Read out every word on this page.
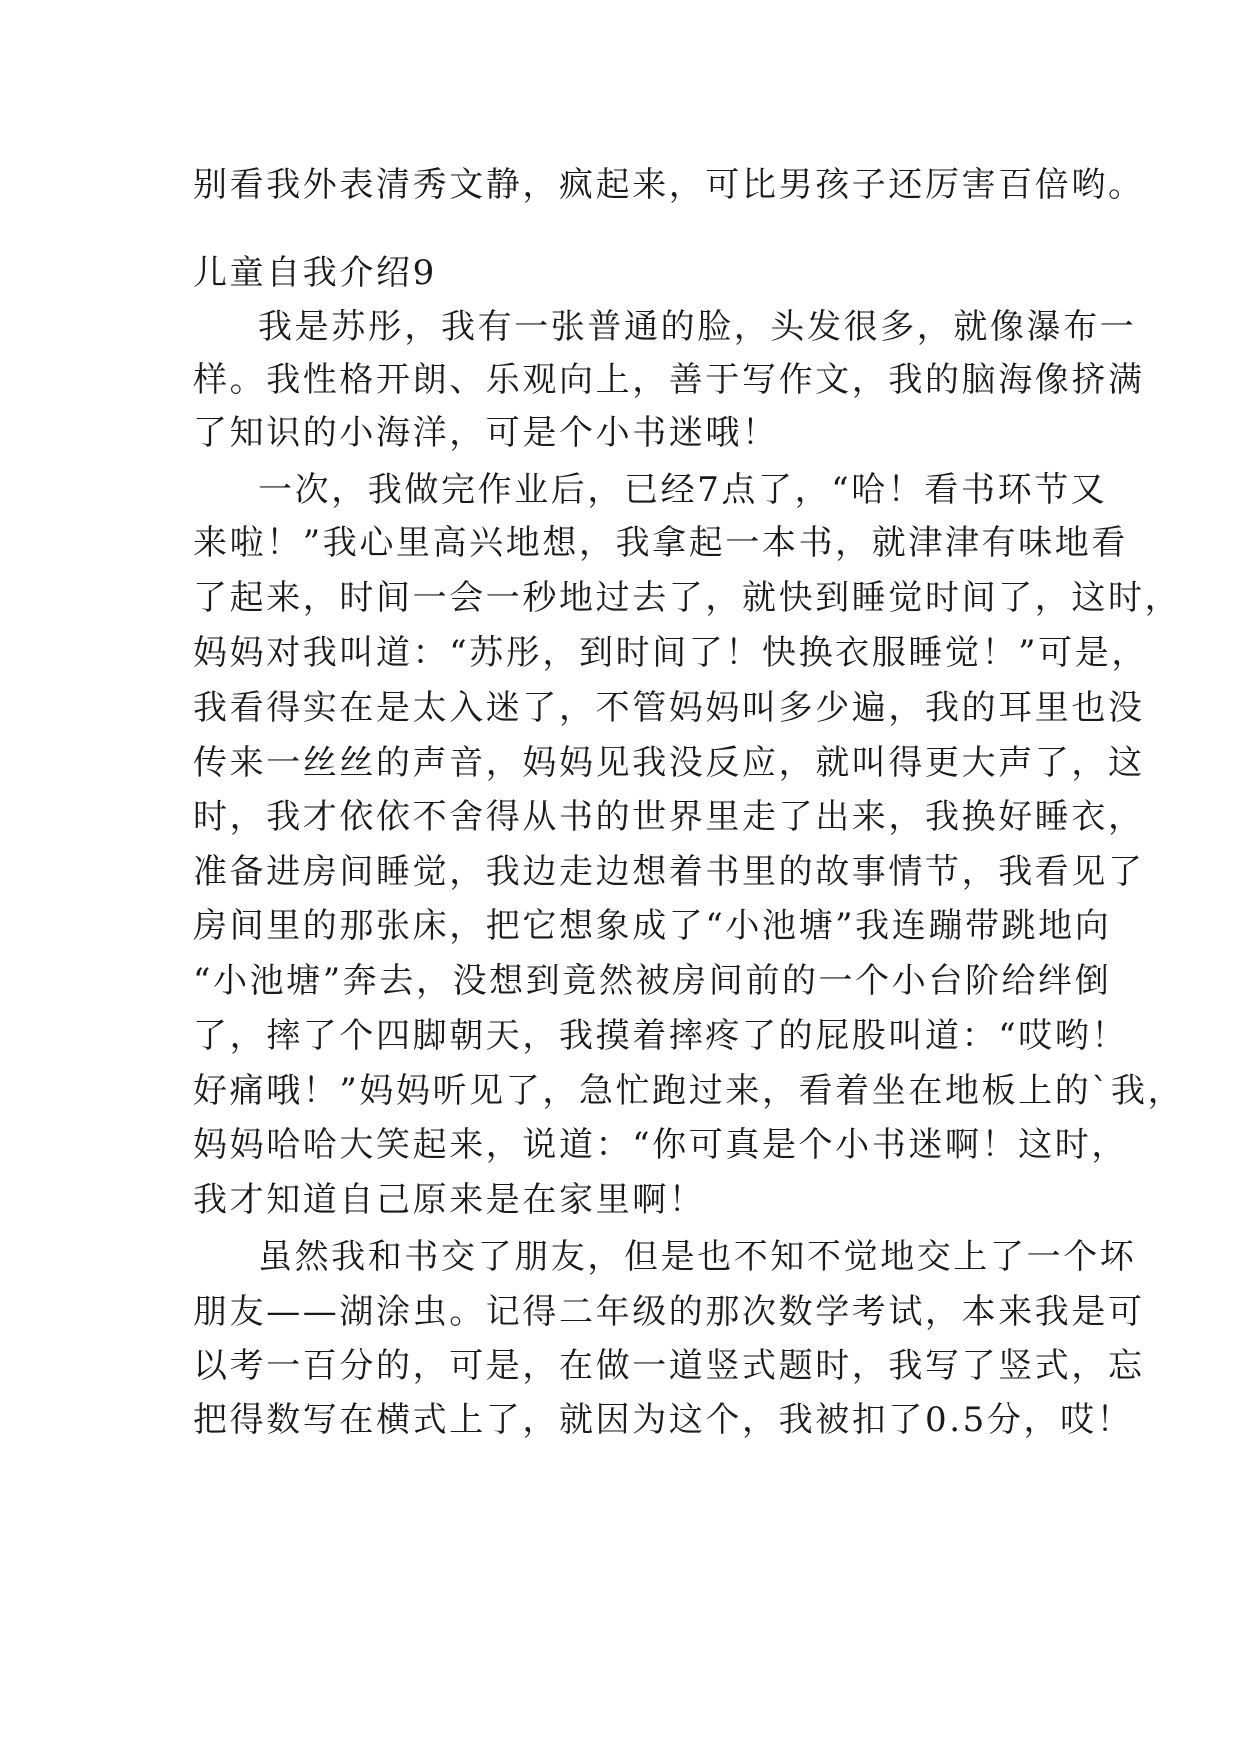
别看我外表清秀文静，疯起来，可比男孩子还厉害百倍哟。
儿童自我介绍9
我是苏彤，我有一张普通的脸，头发很多，就像瀑布一
样。我性格开朗、乐观向上，善于写作文，我的脑海像挤满
了知识的小海洋，可是个小书迷哦！
一次，我做完作业后，已经7点了，“哈！看书环节又
来啦！”我心里高兴地想，我拿起一本书，就津津有味地看
了起来，时间一会一秒地过去了，就快到睡觉时间了，这时，
妈妈对我叫道：“苏彤，到时间了！快换衣服睡觉！”可是，
我看得实在是太入迷了，不管妈妈叫多少遍，我的耳里也没
传来一丝丝的声音，妈妈见我没反应，就叫得更大声了，这
时，我才依依不舍得从书的世界里走了出来，我换好睡衣，
准备进房间睡觉，我边走边想着书里的故事情节，我看见了
房间里的那张床，把它想象成了“小池塘”我连蹦带跳地向
“小池塘”奔去，没想到竟然被房间前的一个小台阶给绊倒
了，摔了个四脚朝天，我摸着摔疼了的屁股叫道：“哎哟！
好痛哦！”妈妈听见了，急忙跑过来，看着坐在地板上的`我，
妈妈哈哈大笑起来，说道：“你可真是个小书迷啊！这时，
我才知道自己原来是在家里啊！
虽然我和书交了朋友，但是也不知不觉地交上了一个坏
朋友——湖涂虫。记得二年级的那次数学考试，本来我是可
以考一百分的，可是，在做一道竖式题时，我写了竖式，忘
把得数写在横式上了，就因为这个，我被扣了0.5分，哎！
